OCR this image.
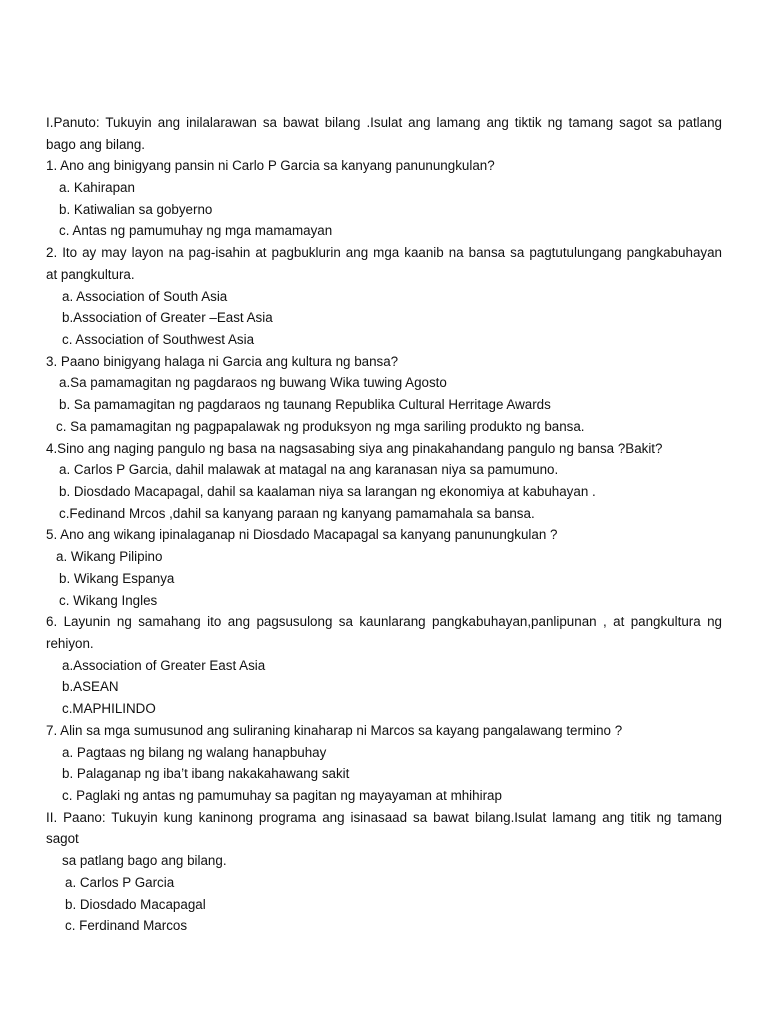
I.Panuto: Tukuyin ang inilalarawan sa bawat bilang .Isulat ang lamang ang tiktik ng tamang sagot sa patlang
bago ang bilang.
1. Ano ang binigyang pansin ni Carlo P Garcia sa kanyang panunungkulan?
a. Kahirapan
b. Katiwalian sa gobyerno
c. Antas ng pamumuhay ng mga mamamayan
2. Ito ay may layon na pag-isahin at pagbuklurin ang mga kaanib na bansa sa pagtutulungang pangkabuhayan
at pangkultura.
a. Association of South Asia
b.Association of Greater –East Asia
c. Association of Southwest Asia
3. Paano binigyang halaga ni Garcia ang kultura ng bansa?
a.Sa pamamagitan ng pagdaraos ng buwang Wika tuwing Agosto
b. Sa pamamagitan ng pagdaraos ng taunang Republika Cultural Herritage Awards
c. Sa pamamagitan ng pagpapalawak ng produksyon ng mga sariling produkto ng bansa.
4.Sino ang naging pangulo ng basa na nagsasabing siya ang pinakahandang pangulo ng bansa ?Bakit?
a. Carlos P Garcia, dahil malawak at matagal na ang karanasan niya sa pamumuno.
b. Diosdado Macapagal, dahil sa kaalaman niya sa larangan ng ekonomiya at kabuhayan .
c.Fedinand Mrcos ,dahil sa kanyang paraan ng kanyang pamamahala sa bansa.
5. Ano ang wikang ipinalaganap ni Diosdado Macapagal sa kanyang panunungkulan ?
a. Wikang Pilipino
b. Wikang Espanya
c. Wikang Ingles
6. Layunin ng samahang ito ang pagsusulong sa kaunlarang pangkabuhayan,panlipunan , at pangkultura ng
rehiyon.
a.Association of Greater East Asia
b.ASEAN
c.MAPHILINDO
7. Alin sa mga sumusunod ang suliraning kinaharap ni Marcos sa kayang pangalawang termino ?
a. Pagtaas ng bilang ng walang hanapbuhay
b. Palaganap ng iba’t ibang nakakahawang sakit
c. Paglaki ng antas ng pamumuhay sa pagitan ng mayayaman at mhihirap
II. Paano: Tukuyin kung kaninong programa ang isinasaad sa bawat bilang.Isulat lamang ang titik ng tamang
sagot
sa patlang bago ang bilang.
a. Carlos P Garcia
b. Diosdado Macapagal
c. Ferdinand Marcos
